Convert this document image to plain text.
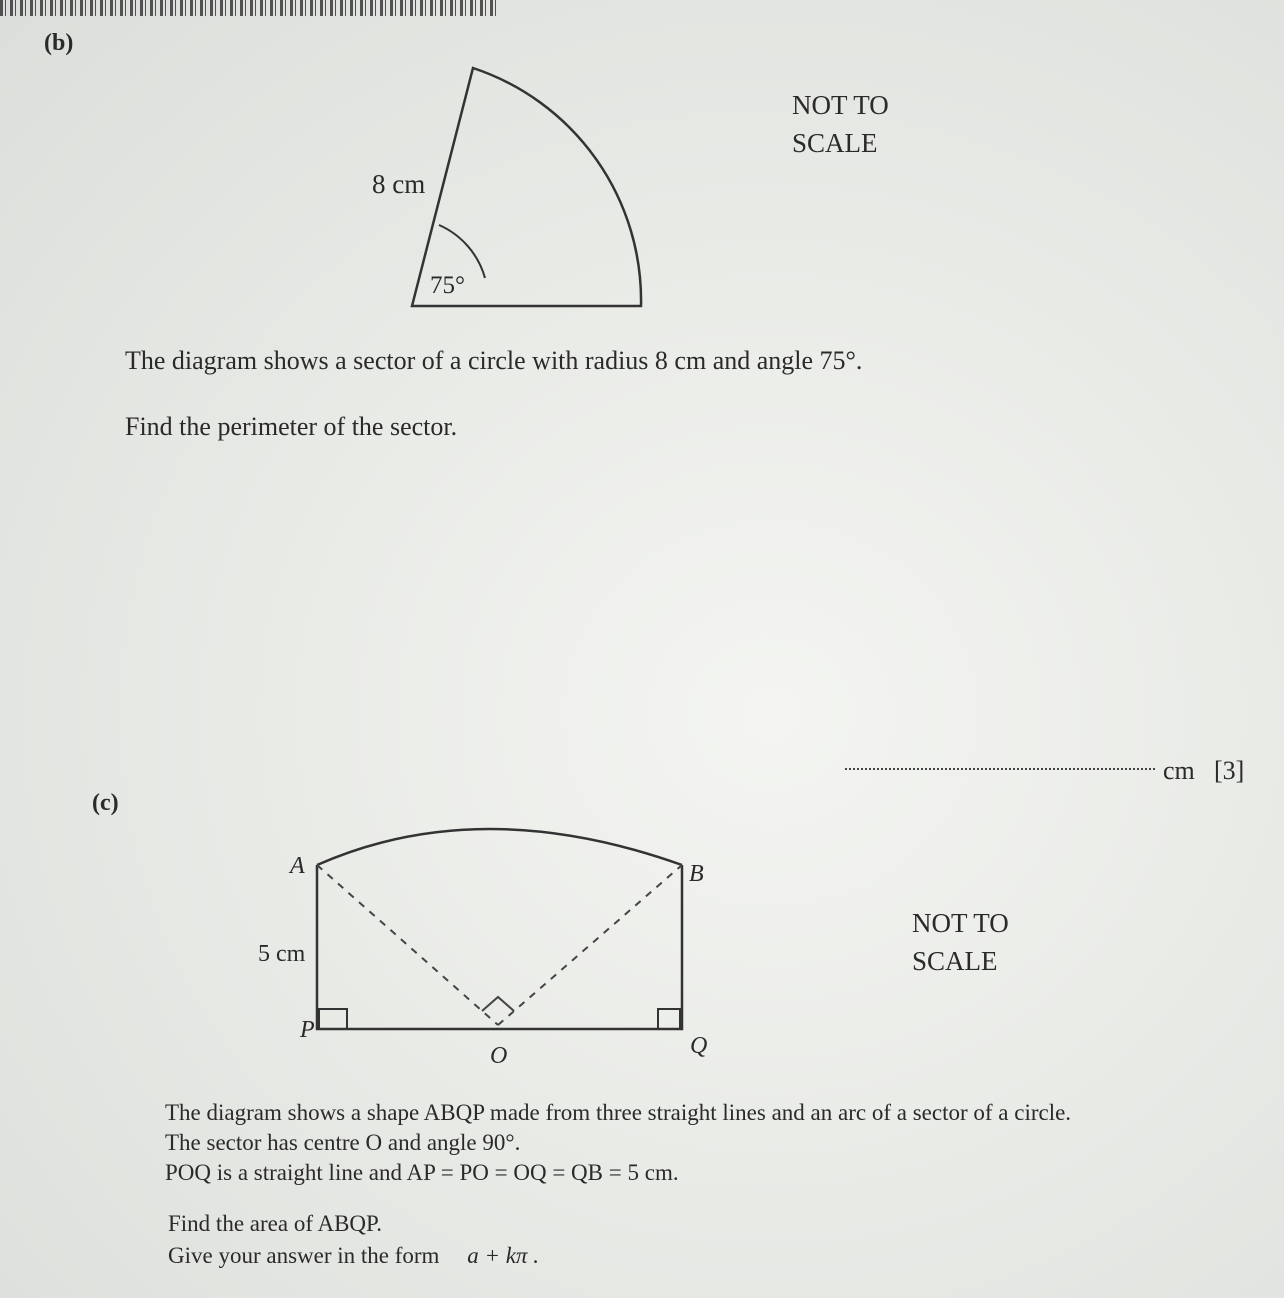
(b)
8 cm
75°
NOT TO
SCALE
The diagram shows a sector of a circle with radius 8 cm and angle 75°.
Find the perimeter of the sector.
cm [3]
(c)
A	B
P
O	Q
5 cm
NOT TO
SCALE
The diagram shows a shape ABQP made from three straight lines and an arc of a sector of a circle.
The sector has centre O and angle 90°.
POQ is a straight line and AP = PO = OQ = QB = 5 cm.
Find the area of ABQP.
Give your answer in the form a + kπ .
